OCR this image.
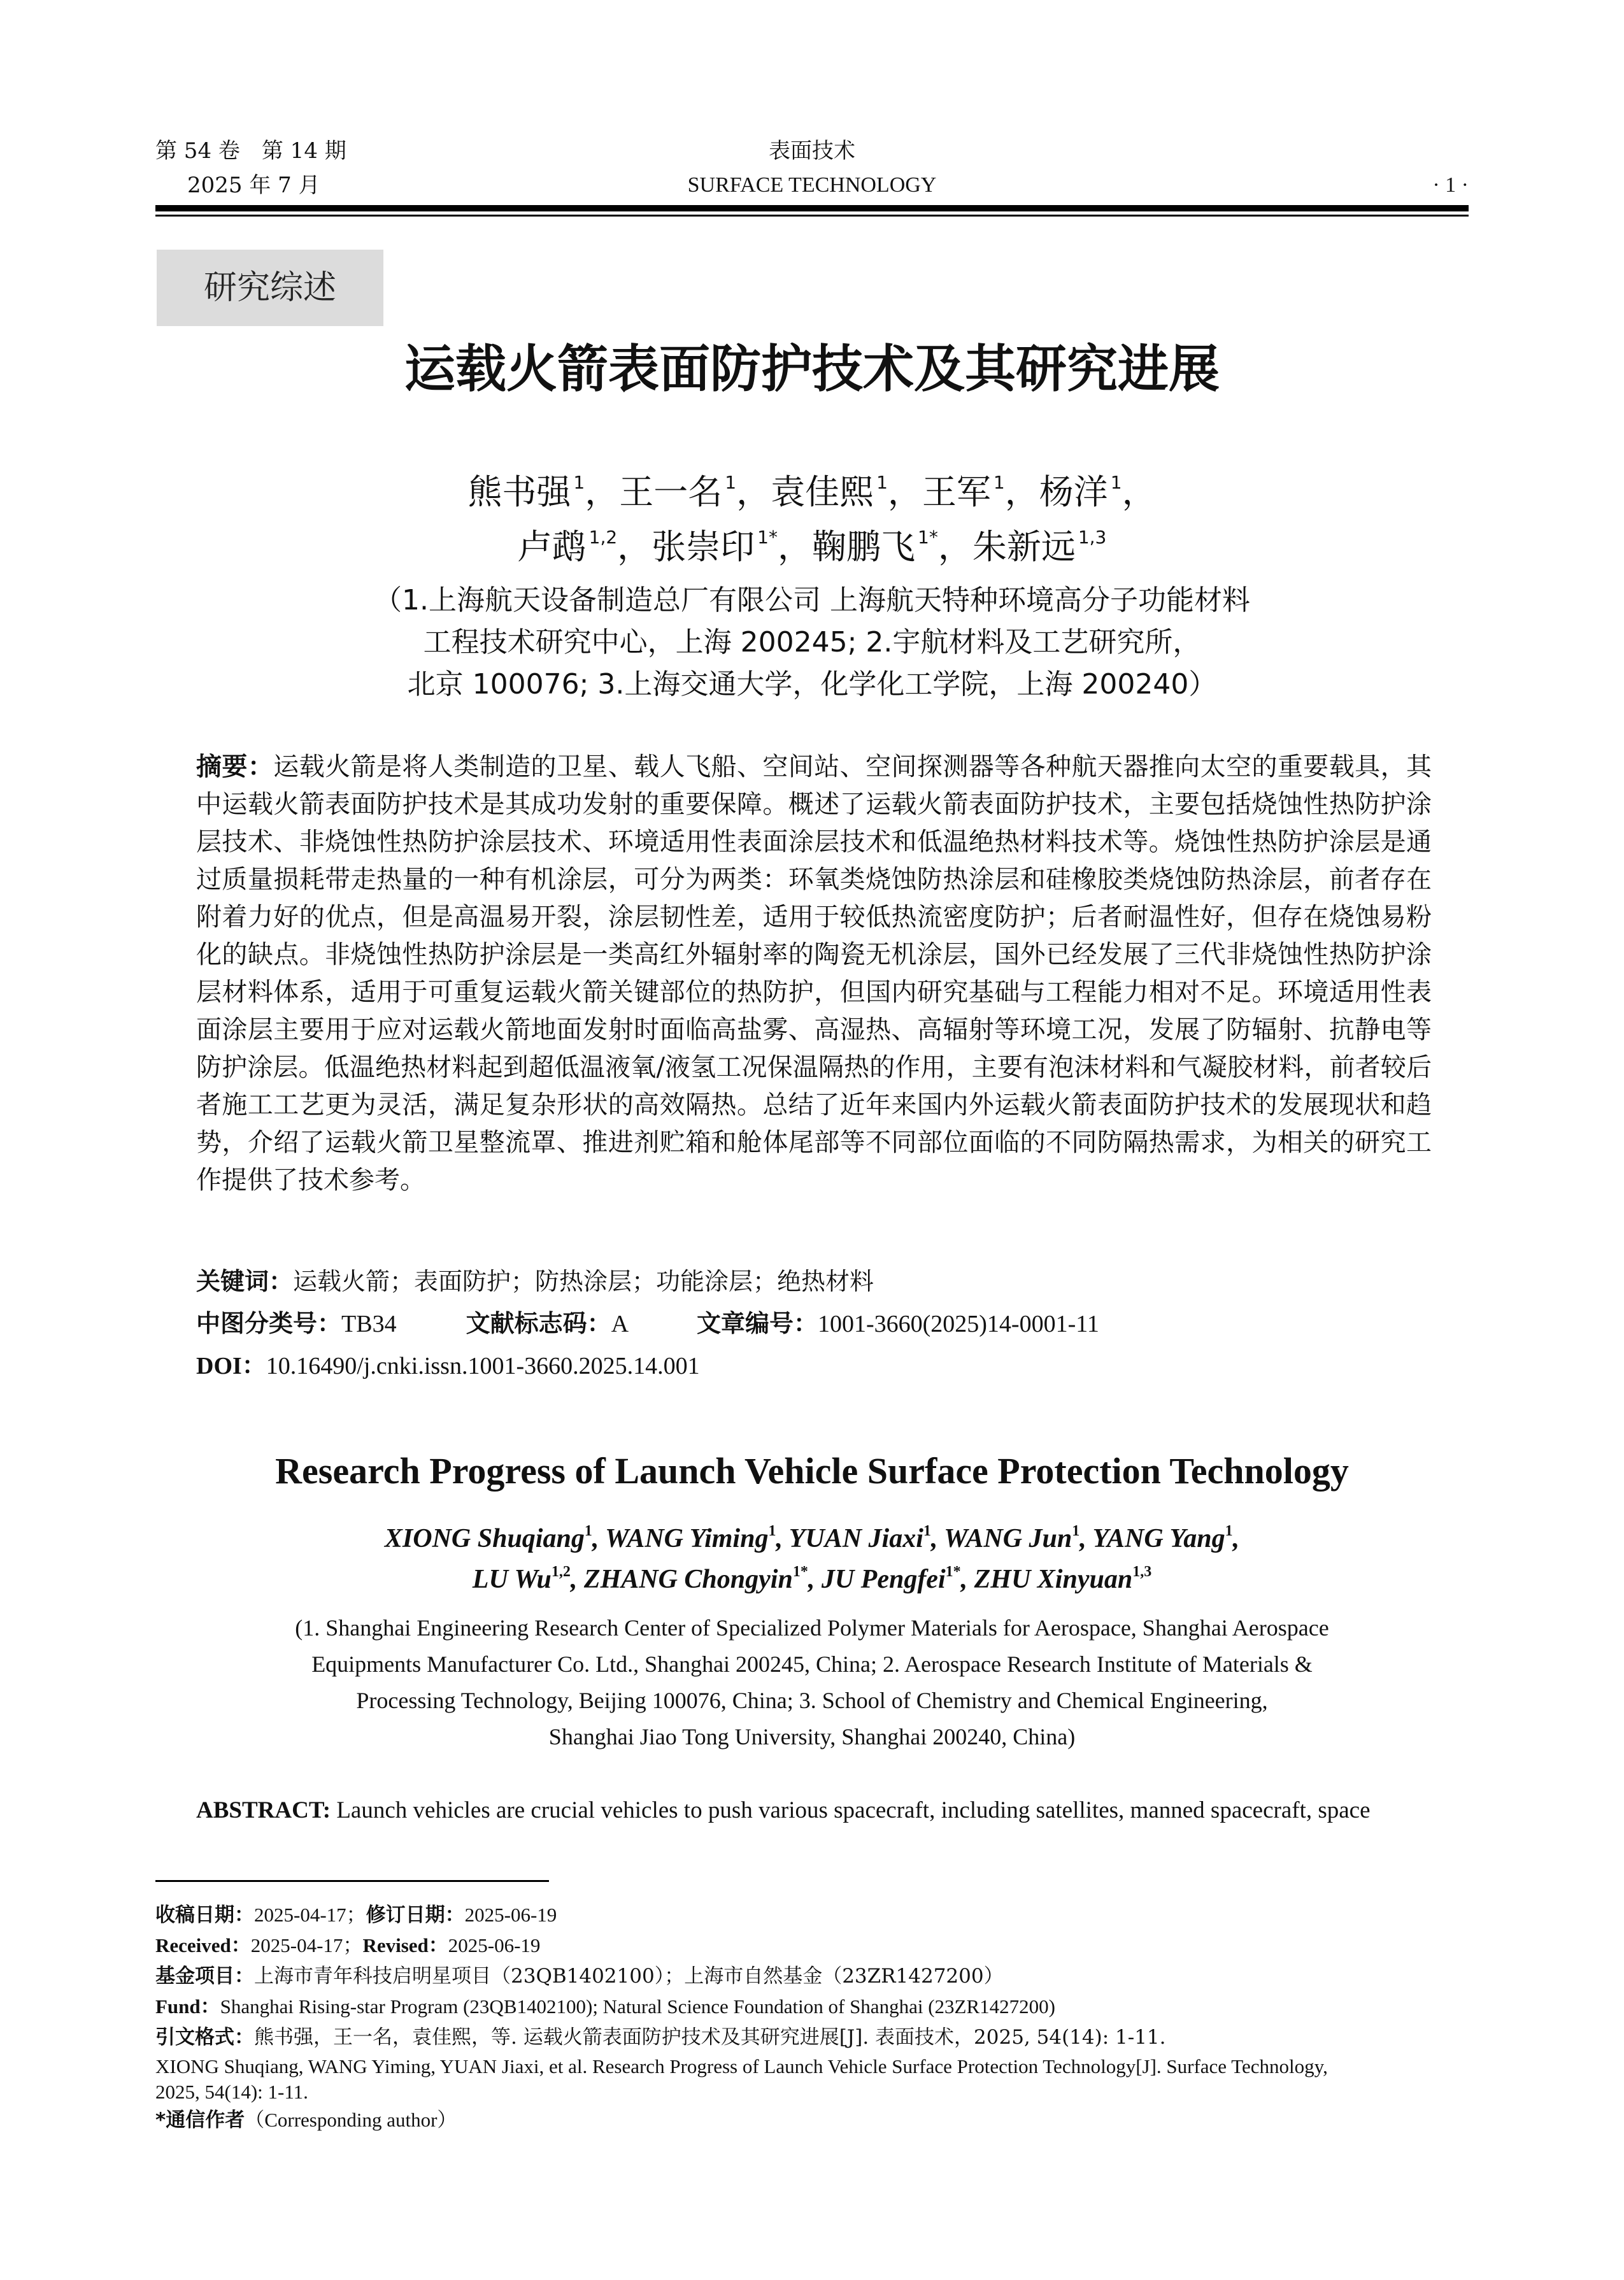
第 54 卷　第 14 期
2025 年 7 月
表面技术
SURFACE TECHNOLOGY	· 1 ·
研究综述
运载火箭表面防护技术及其研究进展
熊书强 $^1$，王一名 $^1$，袁佳熙 $^1$，王军 $^1$，杨洋 $^1$，
卢鹉 $^{1,2}$，张崇印 $^{1*}$，鞠鹏飞 $^{1*}$，朱新远 $^{1,3}$
（1.上海航天设备制造总厂有限公司 上海航天特种环境高分子功能材料
工程技术研究中心，上海 200245; 2.宇航材料及工艺研究所，
北京 100076; 3.上海交通大学，化学化工学院，上海 200240）
摘要：运载火箭是将人类制造的卫星、载人飞船、空间站、空间探测器等各种航天器推向太空的重要载具，其中运载火箭表面防护技术是其成功发射的重要保障。概述了运载火箭表面防护技术，主要包括烧蚀性热防护涂层技术、非烧蚀性热防护涂层技术、环境适用性表面涂层技术和低温绝热材料技术等。烧蚀性热防护涂层是通过质量损耗带走热量的一种有机涂层，可分为两类：环氧类烧蚀防热涂层和硅橡胶类烧蚀防热涂层，前者存在附着力好的优点，但是高温易开裂，涂层韧性差，适用于较低热流密度防护；后者耐温性好，但存在烧蚀易粉化的缺点。非烧蚀性热防护涂层是一类高红外辐射率的陶瓷无机涂层，国外已经发展了三代非烧蚀性热防护涂层材料体系，适用于可重复运载火箭关键部位的热防护，但国内研究基础与工程能力相对不足。环境适用性表面涂层主要用于应对运载火箭地面发射时面临高盐雾、高湿热、高辐射等环境工况，发展了防辐射、抗静电等防护涂层。低温绝热材料起到超低温液氧/液氢工况保温隔热的作用，主要有泡沫材料和气凝胶材料，前者较后者施工工艺更为灵活，满足复杂形状的高效隔热。总结了近年来国内外运载火箭表面防护技术的发展现状和趋势，介绍了运载火箭卫星整流罩、推进剂贮箱和舱体尾部等不同部位面临的不同防隔热需求，为相关的研究工作提供了技术参考。
关键词：运载火箭；表面防护；防热涂层；功能涂层；绝热材料
中图分类号：TB34	文献标志码：A	文章编号：1001-3660(2025)14-0001-11
DOI：10.16490/j.cnki.issn.1001-3660.2025.14.001
Research Progress of Launch Vehicle Surface Protection Technology
XIONG Shuqiang$^1$, WANG Yiming$^1$, YUAN Jiaxi$^1$, WANG Jun$^1$, YANG Yang$^1$,
LU Wu$^{1,2}$, ZHANG Chongyin$^{1*}$, JU Pengfei$^{1*}$, ZHU Xinyuan$^{1,3}$
(1. Shanghai Engineering Research Center of Specialized Polymer Materials for Aerospace, Shanghai Aerospace
Equipments Manufacturer Co. Ltd., Shanghai 200245, China; 2. Aerospace Research Institute of Materials &
Processing Technology, Beijing 100076, China; 3. School of Chemistry and Chemical Engineering,
Shanghai Jiao Tong University, Shanghai 200240, China)
ABSTRACT: Launch vehicles are crucial vehicles to push various spacecraft, including satellites, manned spacecraft, space
收稿日期：2025-04-17；修订日期：2025-06-19
Received：2025-04-17；Revised：2025-06-19
基金项目：上海市青年科技启明星项目（23QB1402100）；上海市自然基金（23ZR1427200）
Fund：Shanghai Rising-star Program (23QB1402100); Natural Science Foundation of Shanghai (23ZR1427200)
引文格式：熊书强，王一名，袁佳熙，等. 运载火箭表面防护技术及其研究进展[J]. 表面技术，2025, 54(14): 1-11.
XIONG Shuqiang, WANG Yiming, YUAN Jiaxi, et al. Research Progress of Launch Vehicle Surface Protection Technology[J]. Surface Technology,
2025, 54(14): 1-11.
*通信作者（Corresponding author）
